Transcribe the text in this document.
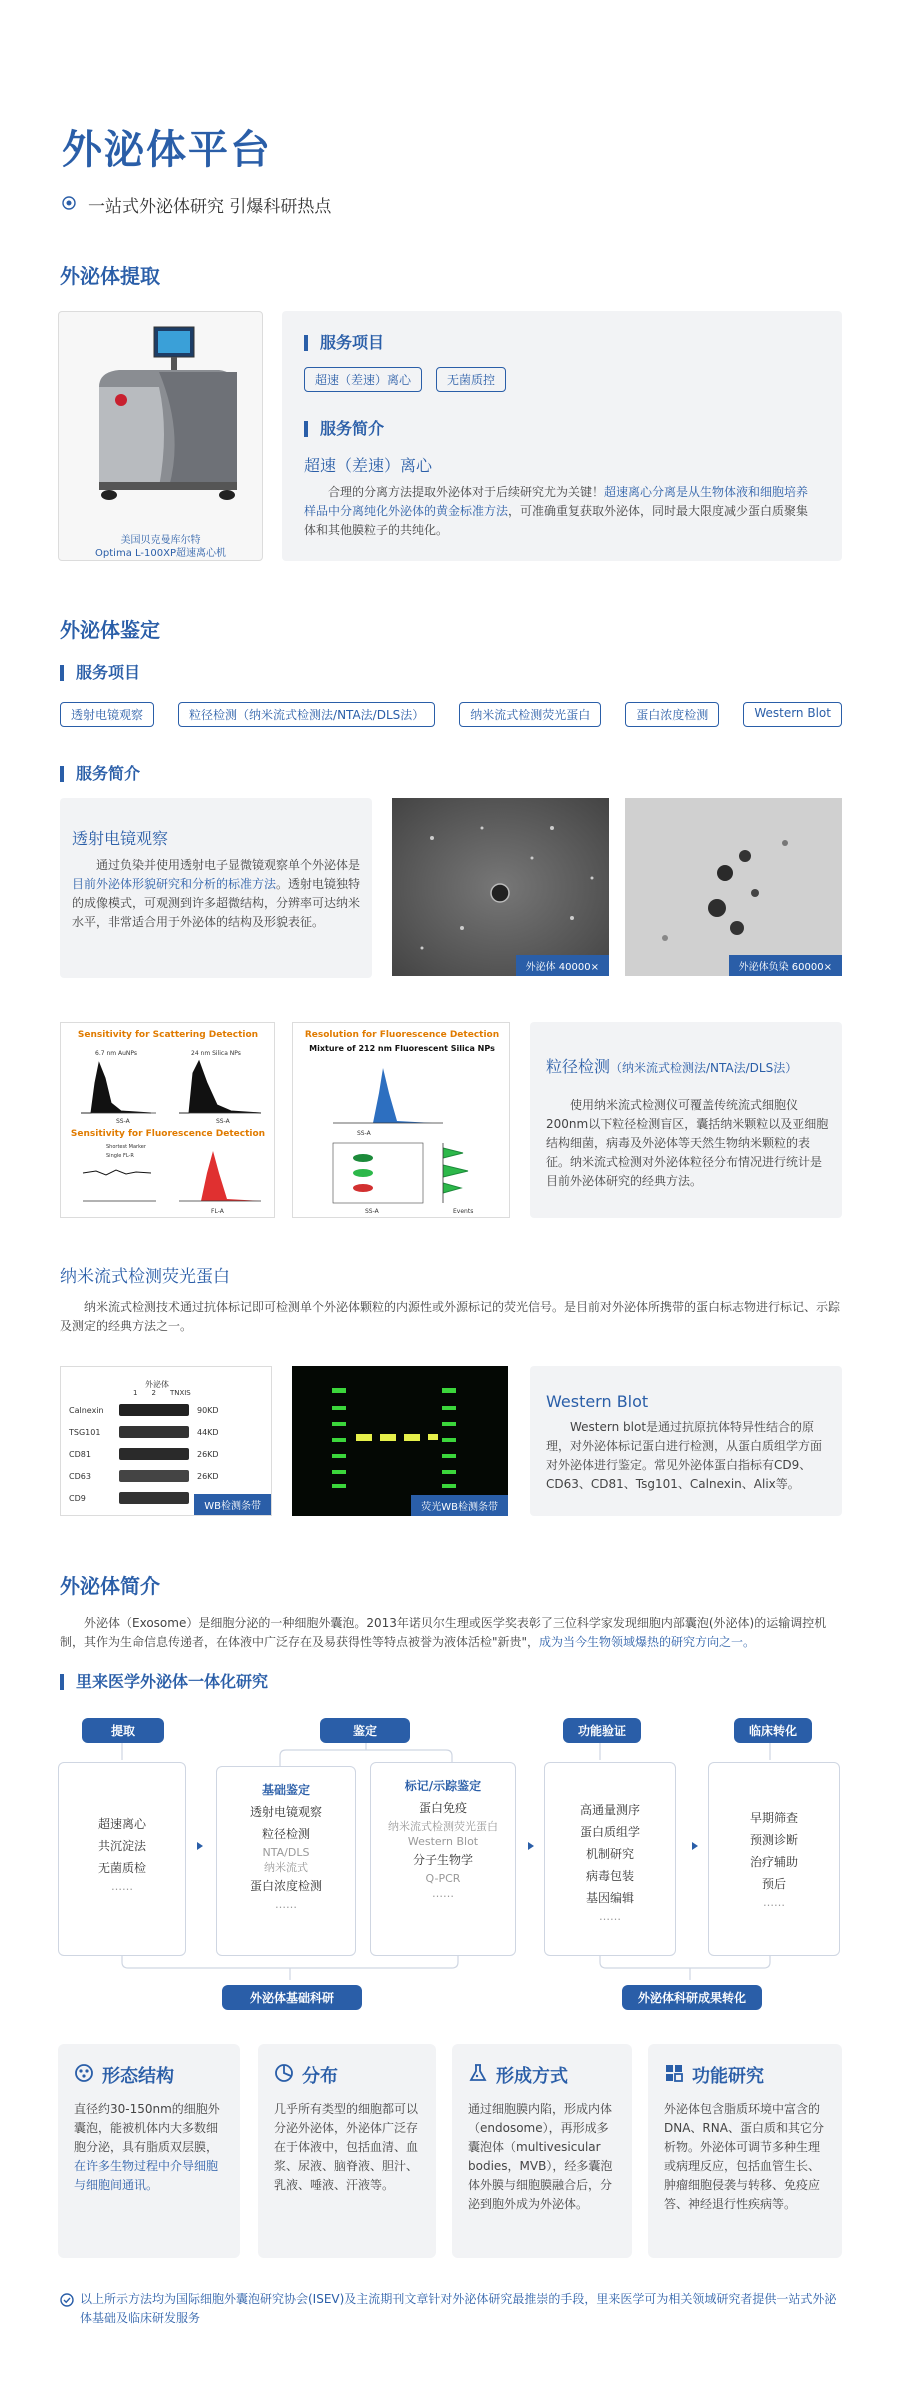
外泌体平台
一站式外泌体研究 引爆科研热点
外泌体提取
美国贝克曼库尔特
Optima L-100XP超速离心机
服务项目
超速（差速）离心	无菌质控
服务简介
超速（差速）离心
合理的分离方法提取外泌体对于后续研究尤为关键！超速离心分离是从生物体液和细胞培养样品中分离纯化外泌体的黄金标准方法，可准确重复获取外泌体，同时最大限度减少蛋白质聚集体和其他膜粒子的共纯化。
外泌体鉴定
服务项目
透射电镜观察	粒径检测（纳米流式检测法/NTA法/DLS法）	纳米流式检测荧光蛋白	蛋白浓度检测	Western Blot
服务简介
透射电镜观察
通过负染并使用透射电子显微镜观察单个外泌体是目前外泌体形貌研究和分析的标准方法。透射电镜独特的成像模式，可观测到许多超微结构，分辨率可达纳米水平，非常适合用于外泌体的结构及形貌表征。
外泌体 40000×	外泌体负染 60000×
Sensitivity for Scattering Detection
6.7 nm AuNPs	24 nm Silica NPs
SS-A	SS-A
Sensitivity for Fluorescence Detection
Shortest Marker
Single FL-R
FL-A
Resolution for Fluorescence Detection
Mixture of 212 nm Fluorescent Silica NPs
SS-A
SS-A	Events
粒径检测（纳米流式检测法/NTA法/DLS法）
使用纳米流式检测仪可覆盖传统流式细胞仪200nm以下粒径检测盲区，囊括纳米颗粒以及亚细胞结构细菌，病毒及外泌体等天然生物纳米颗粒的表征。纳米流式检测对外泌体粒径分布情况进行统计是目前外泌体研究的经典方法。
纳米流式检测荧光蛋白
纳米流式检测技术通过抗体标记即可检测单个外泌体颗粒的内源性或外源标记的荧光信号。是目前对外泌体所携带的蛋白标志物进行标记、示踪及测定的经典方法之一。
外泌体
1 2 TNXIS
Calnexin	90KD
TSG101	44KD
CD81	26KD
CD63	26KD
CD9
WB检测条带	荧光WB检测条带
Western Blot
Western blot是通过抗原抗体特异性结合的原理，对外泌体标记蛋白进行检测，从蛋白质组学方面对外泌体进行鉴定。常见外泌体蛋白指标有CD9、CD63、CD81、Tsg101、Calnexin、Alix等。
外泌体简介
外泌体（Exosome）是细胞分泌的一种细胞外囊泡。2013年诺贝尔生理或医学奖表彰了三位科学家发现细胞内部囊泡(外泌体)的运输调控机制，其作为生命信息传递者，在体液中广泛存在及易获得性等特点被誉为液体活检"新贵"，成为当今生物领域爆热的研究方向之一。
里来医学外泌体一体化研究
提取	鉴定	功能验证	临床转化
超速离心
共沉淀法
无菌质检
……
基础鉴定
透射电镜观察
粒径检测
NTA/DLS
纳米流式
蛋白浓度检测
……
标记/示踪鉴定
蛋白免疫
纳米流式检测荧光蛋白
Western Blot
分子生物学
Q-PCR
……
高通量测序
蛋白质组学
机制研究
病毒包装
基因编辑
……
早期筛查
预测诊断
治疗辅助
预后
……
外泌体基础科研	外泌体科研成果转化
形态结构
直径约30-150nm的细胞外囊泡，能被机体内大多数细胞分泌，具有脂质双层膜，在许多生物过程中介导细胞与细胞间通讯。
分布
几乎所有类型的细胞都可以分泌外泌体，外泌体广泛存在于体液中，包括血清、血浆、尿液、脑脊液、胆汁、乳液、唾液、汗液等。
形成方式
通过细胞膜内陷，形成内体（endosome），再形成多囊泡体（multivesicular bodies，MVB），经多囊泡体外膜与细胞膜融合后，分泌到胞外成为外泌体。
功能研究
外泌体包含脂质环境中富含的DNA、RNA、蛋白质和其它分析物。外泌体可调节多种生理或病理反应，包括血管生长、肿瘤细胞侵袭与转移、免疫应答、神经退行性疾病等。
以上所示方法均为国际细胞外囊泡研究协会(ISEV)及主流期刊文章针对外泌体研究最推崇的手段，里来医学可为相关领域研究者提供一站式外泌体基础及临床研发服务
